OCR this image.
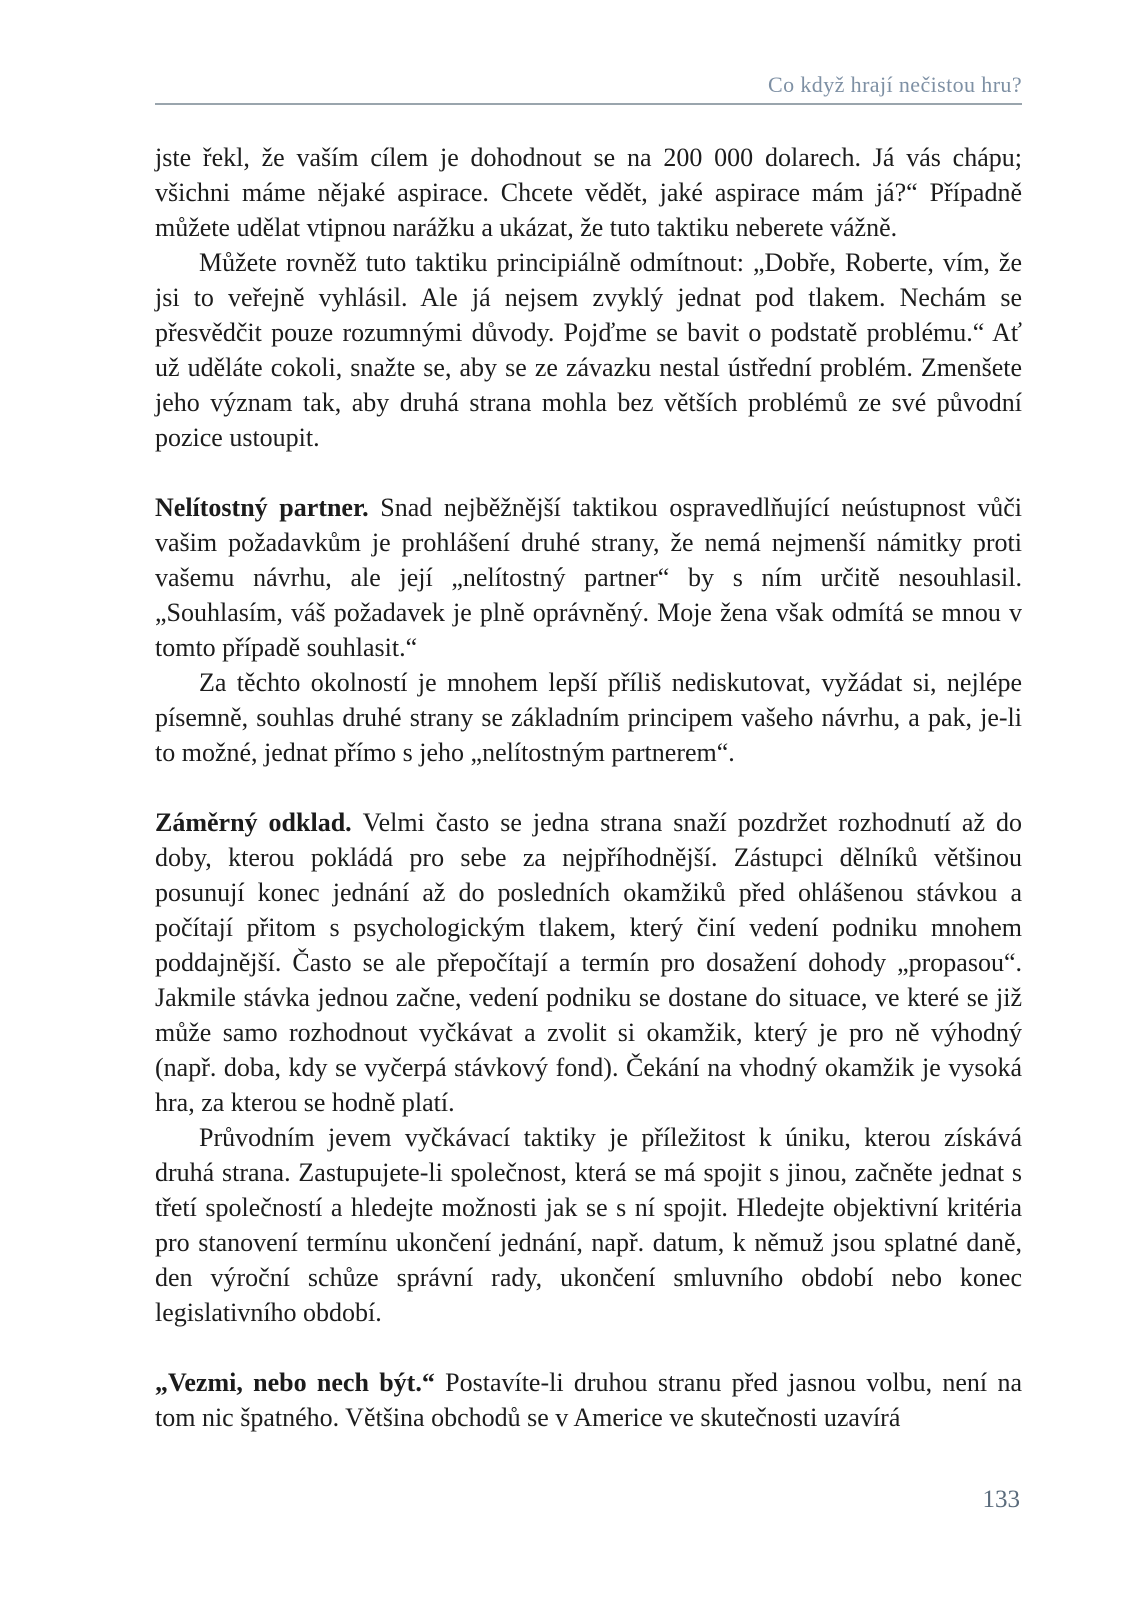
Co když hrají nečistou hru?

jste řekl, že vaším cílem je dohodnout se na 200 000 dolarech. Já vás chápu; všichni máme nějaké aspirace. Chcete vědět, jaké aspirace mám já?“ Případně můžete udělat vtipnou narážku a ukázat, že tuto taktiku neberete vážně.

Můžete rovněž tuto taktiku principiálně odmítnout: „Dobře, Roberte, vím, že jsi to veřejně vyhlásil. Ale já nejsem zvyklý jednat pod tlakem. Nechám se přesvědčit pouze rozumnými důvody. Pojďme se bavit o podstatě problému.“ Ať už uděláte cokoli, snažte se, aby se ze závazku nestal ústřední problém. Zmenšete jeho význam tak, aby druhá strana mohla bez větších problémů ze své původní pozice ustoupit.

Nelítostný partner. Snad nejběžnější taktikou ospravedlňující neústupnost vůči vašim požadavkům je prohlášení druhé strany, že nemá nejmenší námitky proti vašemu návrhu, ale její „nelítostný partner“ by s ním určitě nesouhlasil. „Souhlasím, váš požadavek je plně oprávněný. Moje žena však odmítá se mnou v tomto případě souhlasit.“

Za těchto okolností je mnohem lepší příliš nediskutovat, vyžádat si, nejlépe písemně, souhlas druhé strany se základním principem vašeho návrhu, a pak, je-li to možné, jednat přímo s jeho „nelítostným partnerem“.

Záměrný odklad. Velmi často se jedna strana snaží pozdržet rozhodnutí až do doby, kterou pokládá pro sebe za nejpříhodnější. Zástupci dělníků většinou posunují konec jednání až do posledních okamžiků před ohlášenou stávkou a počítají přitom s psychologickým tlakem, který činí vedení podniku mnohem poddajnější. Často se ale přepočítají a termín pro dosažení dohody „propasou“. Jakmile stávka jednou začne, vedení podniku se dostane do situace, ve které se již může samo rozhodnout vyčkávat a zvolit si okamžik, který je pro ně výhodný (např. doba, kdy se vyčerpá stávkový fond). Čekání na vhodný okamžik je vysoká hra, za kterou se hodně platí.

Průvodním jevem vyčkávací taktiky je příležitost k úniku, kterou získává druhá strana. Zastupujete-li společnost, která se má spojit s jinou, začněte jednat s třetí společností a hledejte možnosti jak se s ní spojit. Hledejte objektivní kritéria pro stanovení termínu ukončení jednání, např. datum, k němuž jsou splatné daně, den výroční schůze správní rady, ukončení smluvního období nebo konec legislativního období.

„Vezmi, nebo nech být.“ Postavíte-li druhou stranu před jasnou volbu, není na tom nic špatného. Většina obchodů se v Americe ve skutečnosti uzavírá

133
